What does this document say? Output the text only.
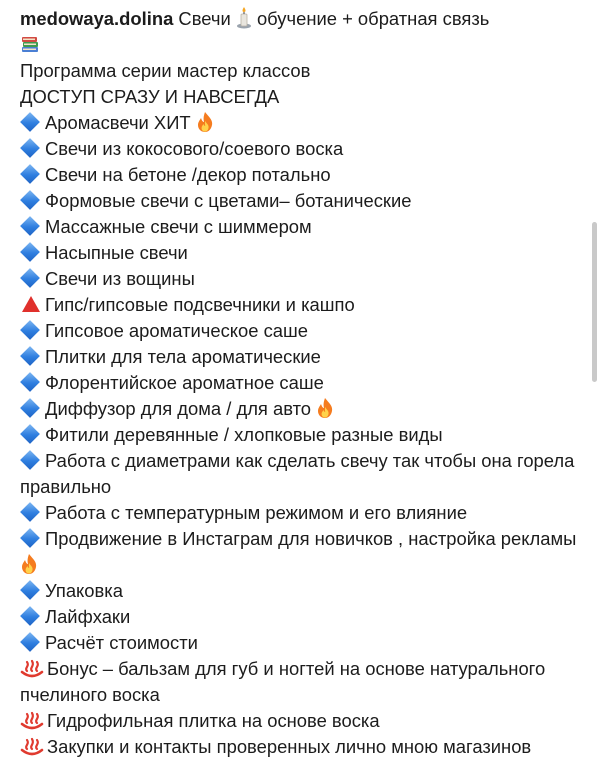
medowaya.dolina Свечи  обучение + обратная связь
Программа серии мастер классов
ДОСТУП СРАЗУ И НАВСЕГДА
Аромасвечи ХИТ
Свечи из кокосового/соевого воска
Свечи на бетоне /декор потально
Формовые свечи с цветами– ботанические
Массажные свечи с шиммером
Насыпные свечи
Свечи из вощины
Гипс/гипсовые подсвечники и кашпо
Гипсовое ароматическое саше
Плитки для тела ароматические
Флорентийское ароматное саше
Диффузор для дома / для авто
Фитили деревянные / хлопковые разные виды
Работа с диаметрами как сделать свечу так чтобы она горела правильно
Работа с температурным режимом и его влияние
Продвижение в Инстаграм для новичков , настройка рекламы
Упаковка
Лайфхаки
Расчёт стоимости
Бонус – бальзам для губ и ногтей на основе натурального пчелиного воска
Гидрофильная плитка на основе воска
Закупки и контакты проверенных лично мною магазинов
